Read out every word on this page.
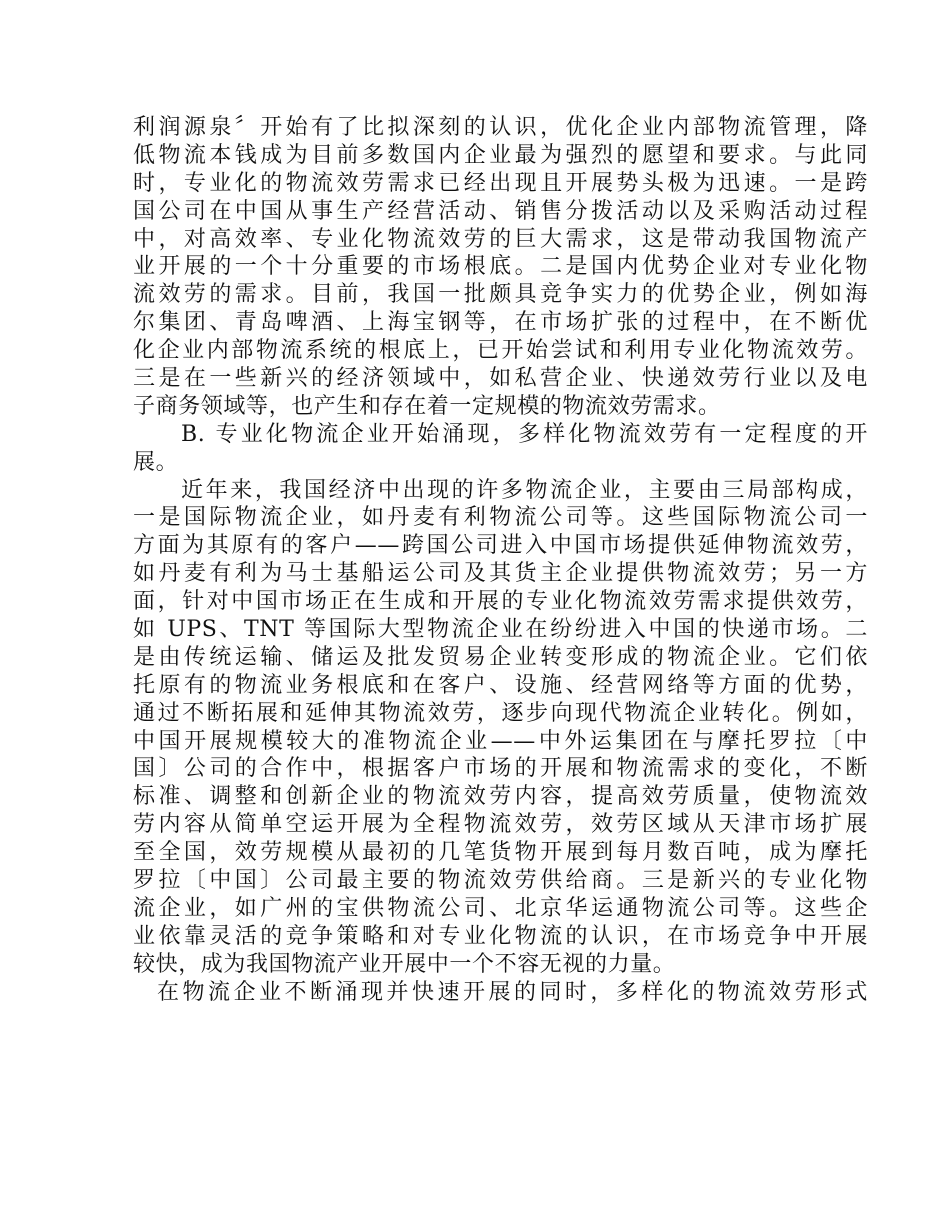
利润源泉〞开始有了比拟深刻的认识，优化企业内部物流管理，降
低物流本钱成为目前多数国内企业最为强烈的愿望和要求。与此同
时，专业化的物流效劳需求已经出现且开展势头极为迅速。一是跨
国公司在中国从事生产经营活动、销售分拨活动以及采购活动过程
中，对高效率、专业化物流效劳的巨大需求，这是带动我国物流产
业开展的一个十分重要的市场根底。二是国内优势企业对专业化物
流效劳的需求。目前，我国一批颇具竞争实力的优势企业，例如海
尔集团、青岛啤酒、上海宝钢等，在市场扩张的过程中，在不断优
化企业内部物流系统的根底上，已开始尝试和利用专业化物流效劳。
三是在一些新兴的经济领域中，如私营企业、快递效劳行业以及电
子商务领域等，也产生和存在着一定规模的物流效劳需求。
B. 专业化物流企业开始涌现，多样化物流效劳有一定程度的开
展。
近年来，我国经济中出现的许多物流企业，主要由三局部构成，
一是国际物流企业，如丹麦有利物流公司等。这些国际物流公司一
方面为其原有的客户——跨国公司进入中国市场提供延伸物流效劳，
如丹麦有利为马士基船运公司及其货主企业提供物流效劳；另一方
面，针对中国市场正在生成和开展的专业化物流效劳需求提供效劳，
如 UPS、TNT 等国际大型物流企业在纷纷进入中国的快递市场。二
是由传统运输、储运及批发贸易企业转变形成的物流企业。它们依
托原有的物流业务根底和在客户、设施、经营网络等方面的优势，
通过不断拓展和延伸其物流效劳，逐步向现代物流企业转化。例如，
中国开展规模较大的准物流企业——中外运集团在与摩托罗拉〔中
国〕公司的合作中，根据客户市场的开展和物流需求的变化，不断
标准、调整和创新企业的物流效劳内容，提高效劳质量，使物流效
劳内容从简单空运开展为全程物流效劳，效劳区域从天津市场扩展
至全国，效劳规模从最初的几笔货物开展到每月数百吨，成为摩托
罗拉〔中国〕公司最主要的物流效劳供给商。三是新兴的专业化物
流企业，如广州的宝供物流公司、北京华运通物流公司等。这些企
业依靠灵活的竞争策略和对专业化物流的认识，在市场竞争中开展
较快，成为我国物流产业开展中一个不容无视的力量。
在物流企业不断涌现并快速开展的同时，多样化的物流效劳形式
